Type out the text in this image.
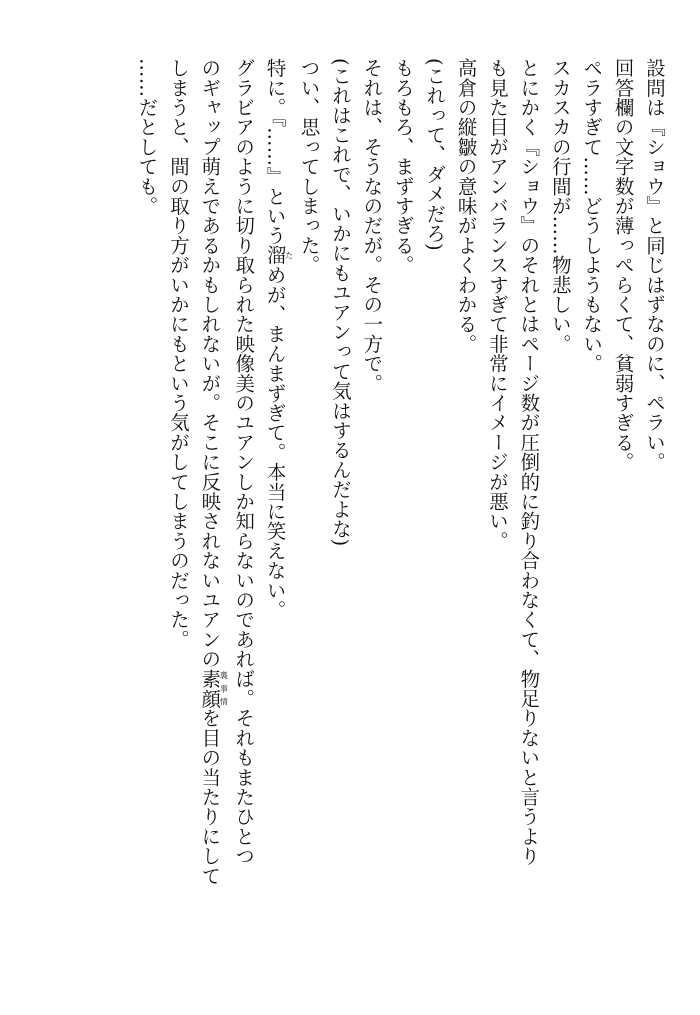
設問は『ショウ』と同じはずなのに、ペラい。
回答欄の文字数が薄っぺらくて、貧弱すぎる。
ペラすぎて……どうしようもない。
スカスカの行間が……物悲しい。
とにかく『ショウ』のそれとはページ数が圧倒的に釣り合わなくて、物足りないと言うより
も見た目がアンバランスすぎて非常にイメージが悪い。
高倉の縦皺の意味がよくわかる。
(これって、ダメだろ)
もろもろ、まずすぎる。
それは、そうなのだが。その一方で。
(これはこれで、いかにもユアンって気はするんだよな)
つい、思ってしまった。
特に。『……』という溜ためが、まんまずぎて。本当に笑えない。
グラビアのように切り取られた映像美のユアンしか知らないのであれば。それもまたひとつ
のギャップ萌えであるかもしれないが。そこに反映されないユアンの素顔裏事情を目の当たりにして
しまうと、間の取り方がいかにもという気がしてしまうのだった。
……だとしても。
